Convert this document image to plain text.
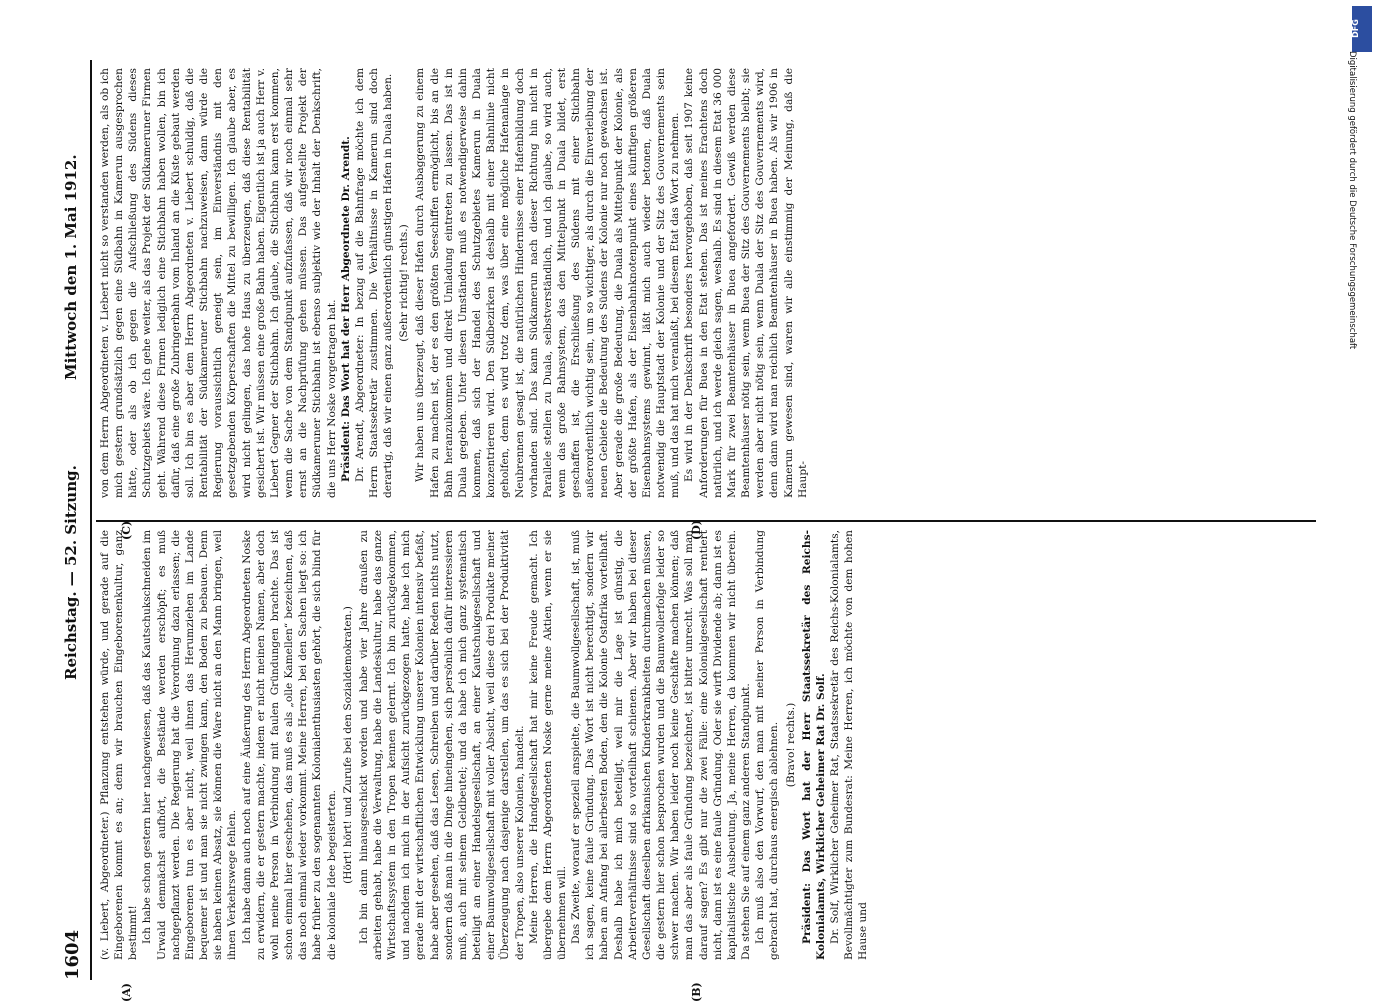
1604
Reichstag. — 52. Sitzung.
Mittwoch den 1. Mai 1912.
(A)	(B)
(C)	(D)

(v. Liebert, Abgeordneter.) Pflanzung entstehen würde, und gerade auf die Eingeborenen kommt es an; denn wir brauchen Eingeborenenkultur, ganz bestimmt! Ich habe schon gestern hier nachgewiesen, daß das Kautschukschneiden im Urwald demnächst aufhört, die Bestände werden erschöpft; es muß nachgepflanzt werden. Die Regierung hat die Verordnung dazu erlassen; die Eingeborenen tun es aber nicht, weil ihnen das Herumziehen im Lande bequemer ist und man sie nicht zwingen kann, den Boden zu bebauen. Denn sie haben keinen Absatz, sie können die Ware nicht an den Mann bringen, weil ihnen Verkehrswege fehlen. Ich habe dann auch noch auf eine Äußerung des Herrn Abgeordneten Noske zu erwidern, die er gestern machte, indem er nicht meinen Namen, aber doch wohl meine Person in Verbindung mit faulen Gründungen brachte. Das ist schon einmal hier geschehen, das muß es als „olle Kamellen“ bezeichnen, daß das noch einmal wieder vorkommt. Meine Herren, bei den Sachen liegt so: ich habe früher zu den sogenannten Kolonialenthusiasten gehört, die sich blind für die koloniale Idee begeisterten. (Hört! hört! und Zurufe bei den Sozialdemokraten.) Ich bin dann hinausgeschickt worden und habe vier Jahre draußen zu arbeiten gehabt, habe die Verwaltung, habe die Landeskultur, habe das ganze Wirtschaftssystem in den Tropen kennen gelernt. Ich bin zurückgekommen, und nachdem ich mich in der Aufsicht zurückgezogen hatte, habe ich mich gerade mit der wirtschaftlichen Entwicklung unserer Kolonien intensiv befaßt, habe aber gesehen, daß das Lesen, Schreiben und darüber Reden nichts nutzt, sondern daß man in die Dinge hineingehen, sich persönlich dafür interessieren muß, auch mit seinem Geldbeutel; und da habe ich mich ganz systematisch beteiligt an einer Handelsgesellschaft, an einer Kautschukgesellschaft und einer Baumwollgesellschaft mit voller Absicht, weil diese drei Produkte meiner Überzeugung nach dasjenige darstellen, um das es sich bei der Produktivität der Tropen, also unserer Kolonien, handelt. Meine Herren, die Handgesellschaft hat mir keine Freude gemacht. Ich übergebe dem Herrn Abgeordneten Noske gerne meine Aktien, wenn er sie übernehmen will. Das Zweite, worauf er speziell anspielte, die Baumwollgesellschaft, ist, muß ich sagen, keine faule Gründung. Das Wort ist nicht berechtigt, sondern wir haben am Anfang bei allerbesten Boden, den die Kolonie Ostafrika vorteilhaft. Deshalb habe ich mich beteiligt, weil mir die Lage ist günstig, die Arbeiterverhältnisse sind so vorteilhaft schienen. Aber wir haben bei dieser Gesellschaft dieselben afrikanischen Kinderkrankheiten durchmachen müssen, die gestern hier schon besprochen wurden und die Baumwollerfolge leider so schwer machen. Wir haben leider noch keine Geschäfte machen können; daß man das aber als faule Gründung bezeichnet, ist bitter unrecht. Was soll man darauf sagen? Es gibt nur die zwei Fälle: eine Kolonialgesellschaft rentiert nicht, dann ist es eine faule Gründung. Oder sie wirft Dividende ab; dann ist es kapitalistische Ausbeutung. Ja, meine Herren, da kommen wir nicht überein. Da stehen Sie auf einem ganz anderen Standpunkt. Ich muß also den Vorwurf, den man mit meiner Person in Verbindung gebracht hat, durchaus energisch ablehnen. (Bravo! rechts.) Präsident: Das Wort hat der Herr Staatssekretär des Reichs-Kolonialamts, Wirklicher Geheimer Rat Dr. Solf. Dr. Solf, Wirklicher Geheimer Rat, Staatssekretär des Reichs-Kolonialamts, Bevollmächtigter zum Bundesrat: Meine Herren, ich möchte von dem hohen Hause und

von dem Herrn Abgeordneten v. Liebert nicht so verstanden werden, als ob ich mich gestern grundsätzlich gegen eine Südbahn in Kamerun ausgesprochen hätte, oder als ob ich gegen die Aufschließung des Südens dieses Schutzgebiets wäre. Ich gehe weiter, als das Projekt der Südkameruner Firmen geht. Während diese Firmen lediglich eine Stichbahn haben wollen, bin ich dafür, daß eine große Zubringerbahn vom Inland an die Küste gebaut werden soll. Ich bin es aber dem Herrn Abgeordneten v. Liebert schuldig, daß die Rentabilität der Südkameruner Stichbahn nachzuweisen, dann würde die Regierung voraussichtlich geneigt sein, im Einverständnis mit den gesetzgebenden Körperschaften die Mittel zu bewilligen. Ich glaube aber, es wird nicht gelingen, das hohe Haus zu überzeugen, daß diese Rentabilität gesichert ist. Wir müssen eine große Bahn haben. Eigentlich ist ja auch Herr v. Liebert Gegner der Stichbahn. Ich glaube, die Stichbahn kann erst kommen, wenn die Sache von dem Standpunkt aufzufassen, daß wir noch einmal sehr ernst an die Nachprüfung gehen müssen. Das aufgestellte Projekt der Südkameruner Stichbahn ist ebenso subjektiv wie der Inhalt der Denkschrift, die uns Herr Noske vorgetragen hat. Präsident: Das Wort hat der Herr Abgeordnete Dr. Arendt. Dr. Arendt, Abgeordneter: In bezug auf die Bahnfrage möchte ich dem Herrn Staatssekretär zustimmen. Die Verhältnisse in Kamerun sind doch derartig, daß wir einen ganz außerordentlich günstigen Hafen in Duala haben. (Sehr richtig! rechts.) Wir haben uns überzeugt, daß dieser Hafen durch Ausbaggerung zu einem Hafen zu machen ist, der es den größten Seeschiffen ermöglicht, bis an die Bahn heranzukommen und direkt Umladung eintreten zu lassen. Das ist in Duala gegeben. Unter diesen Umständen muß es notwendigerweise dahin kommen, daß sich der Handel des Schutzgebietes Kamerun in Duala konzentrieren wird. Den Südbezirken ist deshalb mit einer Bahnlinie nicht geholfen, denn es wird trotz dem, was über eine mögliche Hafenanlage in Neubrennen gesagt ist, die natürlichen Hindernisse einer Hafenbildung doch vorhanden sind. Das kann Südkamerun nach dieser Richtung hin nicht in Parallele stellen zu Duala, selbstverständlich, und ich glaube, so wird auch, wenn das große Bahnsystem, das den Mittelpunkt in Duala bildet, erst geschaffen ist, die Erschließung des Südens mit einer Stichbahn außerordentlich wichtig sein, um so wichtiger, als durch die Einverleibung der neuen Gebiete die Bedeutung des Südens der Kolonie nur noch gewachsen ist. Aber gerade die große Bedeutung, die Duala als Mittelpunkt der Kolonie, als der größte Hafen, als der Eisenbahnknotenpunkt eines künftigen größeren Eisenbahnsystems gewinnt, läßt mich auch wieder betonen, daß Duala notwendig die Hauptstadt der Kolonie und der Sitz des Gouvernements sein muß, und das hat mich veranlaßt, bei diesem Etat das Wort zu nehmen. Es wird in der Denkschrift besonders hervorgehoben, daß seit 1907 keine Anforderungen für Buea in den Etat stehen. Das ist meines Erachtens doch natürlich, und ich werde gleich sagen, weshalb. Es sind in diesem Etat 36 000 Mark für zwei Beamtenhäuser in Buea angefordert. Gewiß werden diese Beamtenhäuser nötig sein, wenn Buea der Sitz des Gouvernements bleibt; sie werden aber nicht nötig sein, wenn Duala der Sitz des Gouvernements wird, denn dann wird man reichlich Beamtenhäuser in Buea haben. Als wir 1906 in Kamerun gewesen sind, waren wir alle einstimmig der Meinung, daß die Haupt-

DFG
Digitalisierung gefördert durch die Deutsche Forschungsgemeinschaft
